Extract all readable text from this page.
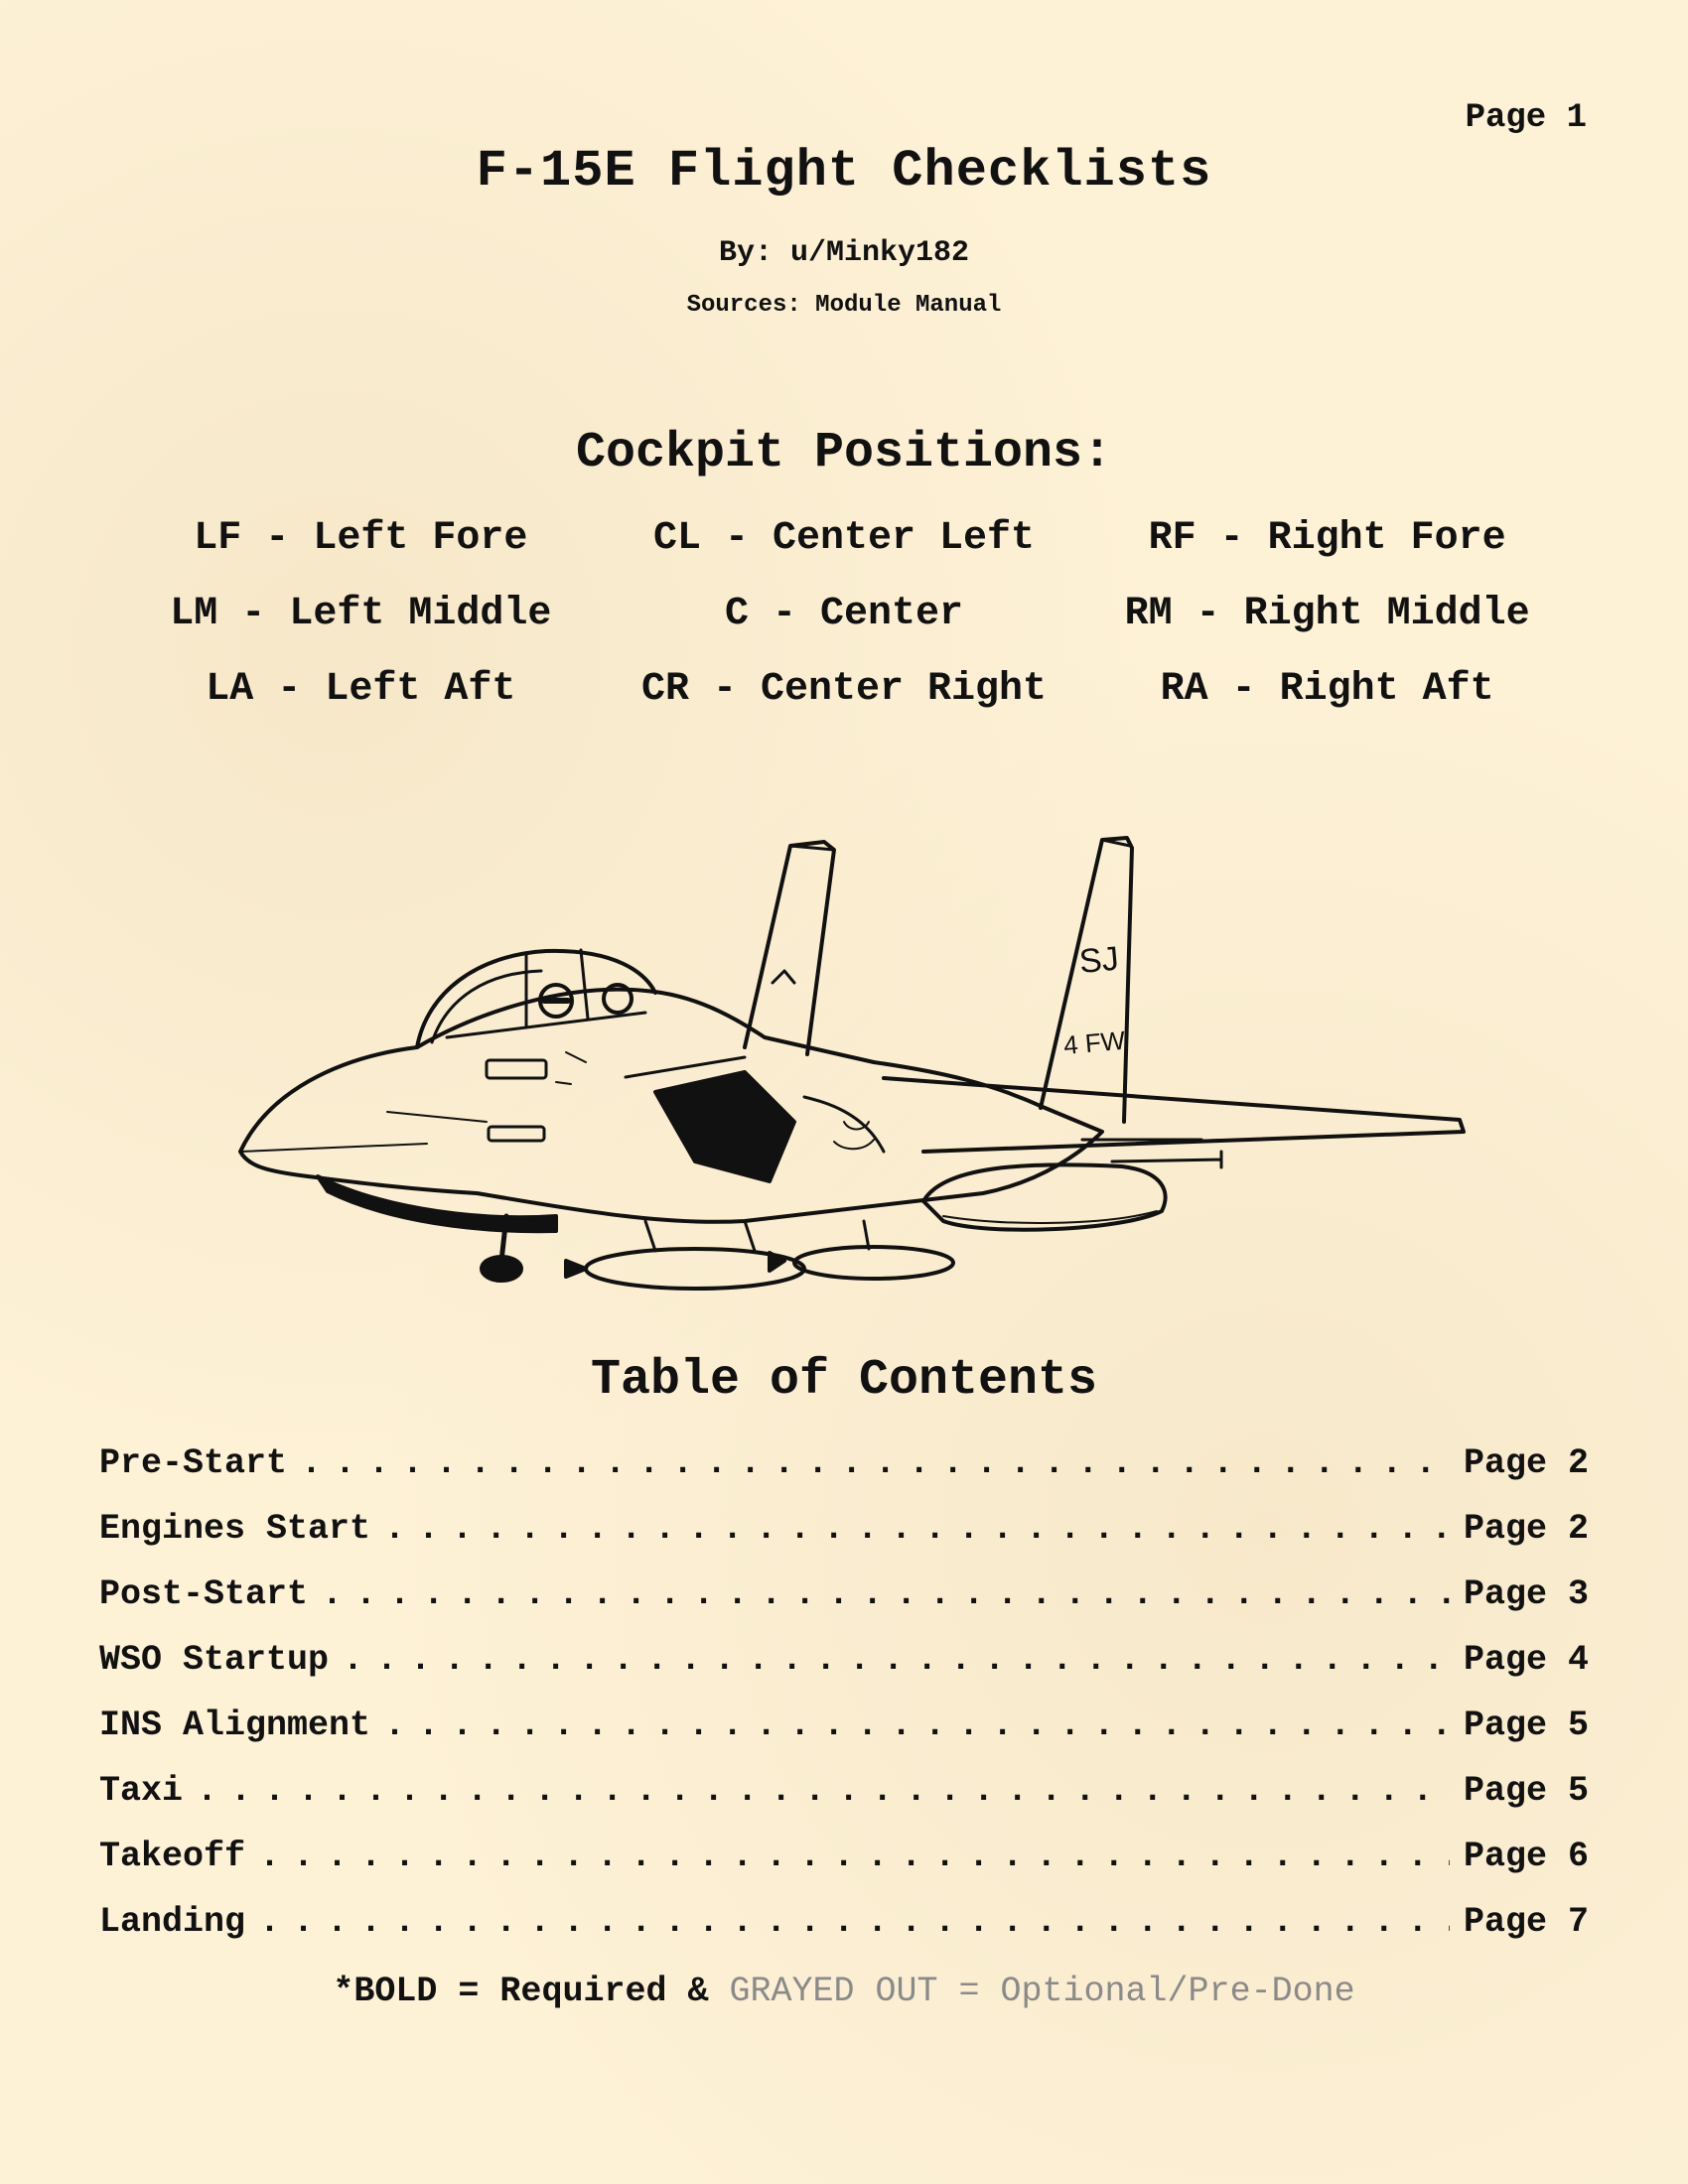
Page 1
F-15E Flight Checklists
By: u/Minky182
Sources: Module Manual
Cockpit Positions:
LF - Left Fore	CL - Center Left	RF - Right Fore
LM - Left Middle	C - Center	RM - Right Middle
LA - Left Aft	CR - Center Right	RA - Right Aft
SJ
4 FW
Table of Contents
Pre-Start . . .	Page 2
Engines Start . . .	Page 2
Post-Start . . .	Page 3
WSO Startup . . .	Page 4
INS Alignment . . .	Page 5
Taxi . . .	Page 5
Takeoff . . .	Page 6
Landing . . .	Page 7
*BOLD = Required & GRAYED OUT = Optional/Pre-Done
